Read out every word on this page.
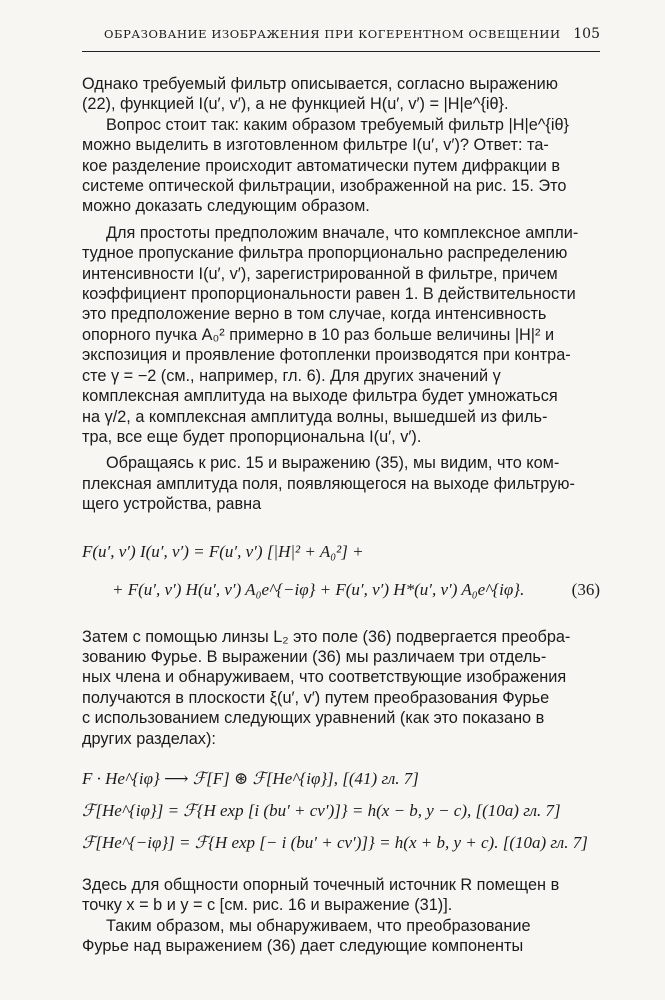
ОБРАЗОВАНИЕ ИЗОБРАЖЕНИЯ ПРИ КОГЕРЕНТНОМ ОСВЕЩЕНИИ 105
Однако требуемый фильтр описывается, согласно выражению
(22), функцией I(u′, v′), а не функцией H(u′, v′) = |H|e^{iθ}.
Вопрос стоит так: каким образом требуемый фильтр |H|e^{iθ}
можно выделить в изготовленном фильтре I(u′, v′)? Ответ: та-
кое разделение происходит автоматически путем дифракции в
системе оптической фильтрации, изображенной на рис. 15. Это
можно доказать следующим образом.
Для простоты предположим вначале, что комплексное ампли-
тудное пропускание фильтра пропорционально распределению
интенсивности I(u′, v′), зарегистрированной в фильтре, причем
коэффициент пропорциональности равен 1. В действительности
это предположение верно в том случае, когда интенсивность
опорного пучка A₀² примерно в 10 раз больше величины |H|² и
экспозиция и проявление фотопленки производятся при контра-
сте γ = −2 (см., например, гл. 6). Для других значений γ
комплексная амплитуда на выходе фильтра будет умножаться
на γ/2, а комплексная амплитуда волны, вышедшей из филь-
тра, все еще будет пропорциональна I(u′, v′).
Обращаясь к рис. 15 и выражению (35), мы видим, что ком-
плексная амплитуда поля, появляющегося на выходе фильтрую-
щего устройства, равна
F(u′, v′) I(u′, v′) = F(u′, v′) [|H|² + A₀²] +
+ F(u′, v′) H(u′, v′) A₀e^{−iφ} + F(u′, v′) H*(u′, v′) A₀e^{iφ}.	(36)
Затем с помощью линзы L₂ это поле (36) подвергается преобра-
зованию Фурье. В выражении (36) мы различаем три отдель-
ных члена и обнаруживаем, что соответствующие изображения
получаются в плоскости ξ(u′, v′) путем преобразования Фурье
с использованием следующих уравнений (как это показано в
других разделах):
F · He^{iφ} ⟶ ℱ[F] ⊛ ℱ[He^{iφ}], [(41) гл. 7]
ℱ[He^{iφ}] = ℱ{H exp [i (bu′ + cv′)]} = h(x − b, y − c), [(10а) гл. 7]
ℱ[He^{−iφ}] = ℱ{H exp [− i (bu′ + cv′)]} = h(x + b, y + c). [(10а) гл. 7]
Здесь для общности опорный точечный источник R помещен в
точку x = b и y = c [см. рис. 16 и выражение (31)].
Таким образом, мы обнаруживаем, что преобразование
Фурье над выражением (36) дает следующие компоненты
